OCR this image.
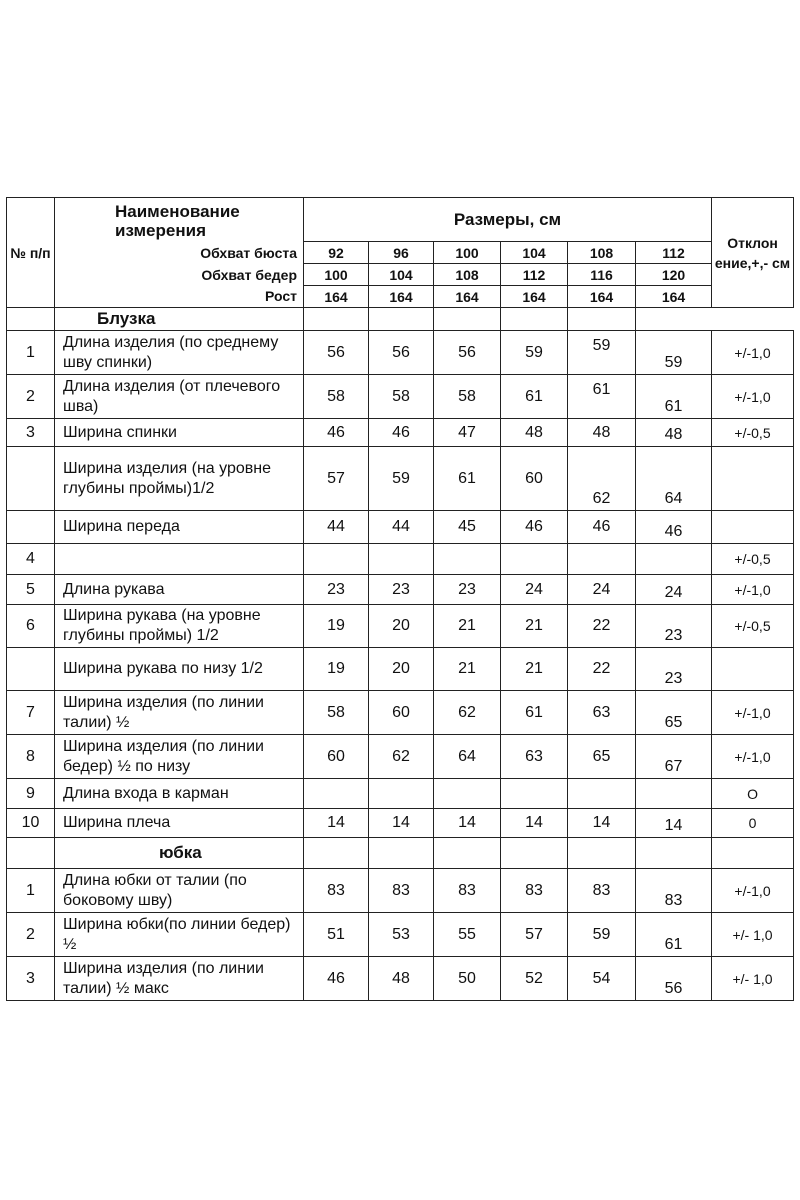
№ п/п	Наименование измерения	Размеры, см						Отклон ение,+,- см
	Обхват бюста	92	96	100	104	108	112	
	Обхват бедер	100	104	108	112	116	120	
	Рост	164	164	164	164	164	164	
Блузка								
1	Длина изделия (по среднему шву спинки)	56	56	56	59	59	59	+/-1,0
2	Длина изделия (от плечевого шва)	58	58	58	61	61	61	+/-1,0
3	Ширина спинки	46	46	47	48	48	48	+/-0,5
	Ширина изделия (на уровне глубины проймы)1/2	57	59	61	60	62	64	
	Ширина переда	44	44	45	46	46	46	
4								+/-0,5
5	Длина рукава	23	23	23	24	24	24	+/-1,0
6	Ширина рукава (на уровне глубины проймы) 1/2	19	20	21	21	22	23	+/-0,5
	Ширина рукава по низу 1/2	19	20	21	21	22	23	
7	Ширина изделия (по линии талии) ½	58	60	62	61	63	65	+/-1,0
8	Ширина изделия (по линии бедер) ½ по низу	60	62	64	63	65	67	+/-1,0
9	Длина входа в карман							О
10	Ширина плеча	14	14	14	14	14	14	0
	юбка							
1	Длина юбки от талии (по боковому шву)	83	83	83	83	83	83	+/-1,0
2	Ширина юбки(по линии бедер) ½	51	53	55	57	59	61	+/- 1,0
3	Ширина изделия (по линии талии) ½ макс	46	48	50	52	54	56	+/- 1,0
